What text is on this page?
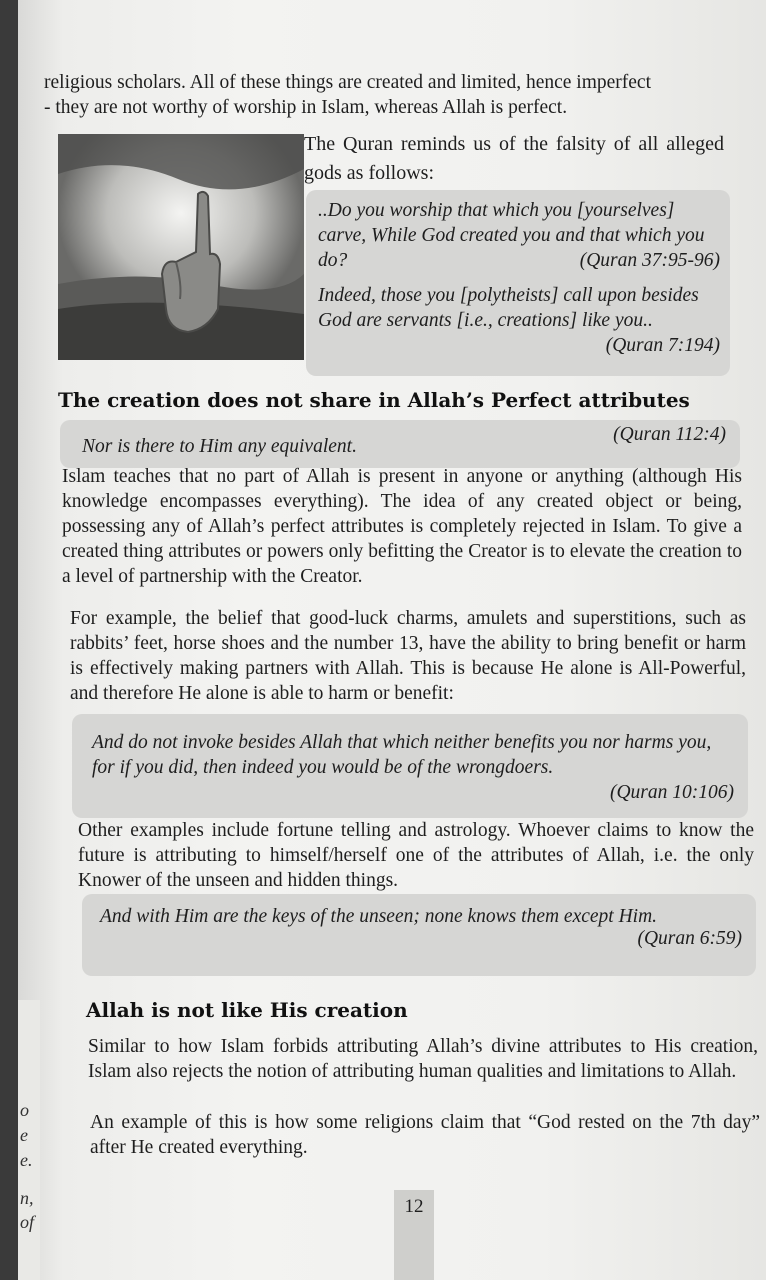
o
e
e.
n,
of

religious scholars. All of these things are created and limited, hence imperfect

- they are not worthy of worship in Islam, whereas Allah is perfect.

The Quran reminds us of the falsity of all alleged gods as follows:

..Do you worship that which you [yourselves] carve, While God created you and that which you do?	(Quran 37:95-96)

Indeed, those you [polytheists] call upon besides God are servants [i.e., creations] like you..
(Quran 7:194)

The creation does not share in Allah’s Perfect attributes

Nor is there to Him any equivalent.
(Quran 112:4)

Islam teaches that no part of Allah is present in anyone or anything (although His knowledge encompasses everything). The idea of any created object or being, possessing any of Allah’s perfect attributes is completely rejected in Islam. To give a created thing attributes or powers only befitting the Creator is to elevate the creation to a level of partnership with the Creator.

For example, the belief that good-luck charms, amulets and superstitions, such as rabbits’ feet, horse shoes and the number 13, have the ability to bring benefit or harm is effectively making partners with Allah. This is because He alone is All-Powerful, and therefore He alone is able to harm or benefit:

And do not invoke besides Allah that which neither benefits you nor harms you, for if you did, then indeed you would be of the wrongdoers.

(Quran 10:106)

Other examples include fortune telling and astrology. Whoever claims to know the future is attributing to himself/herself one of the attributes of Allah, i.e. the only Knower of the unseen and hidden things.

And with Him are the keys of the unseen; none knows them except Him.

(Quran 6:59)

Allah is not like His creation

Similar to how Islam forbids attributing Allah’s divine attributes to His creation, Islam also rejects the notion of attributing human qualities and limitations to Allah.

An example of this is how some religions claim that “God rested on the 7th day” after He created everything.

12
